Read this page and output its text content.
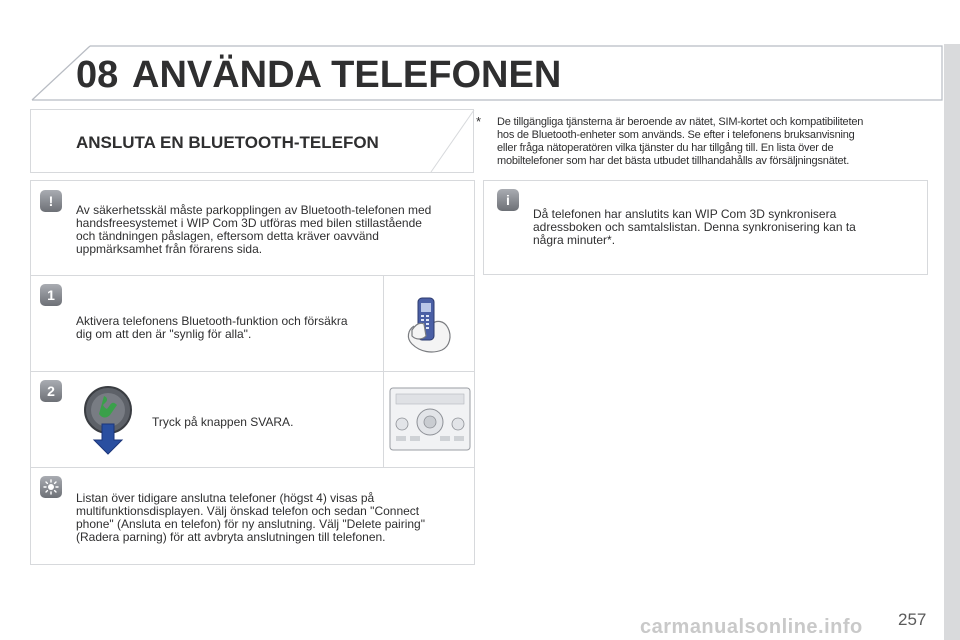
08 ANVÄNDA TELEFONEN
ANSLUTA EN BLUETOOTH-TELEFON
* De tillgängliga tjänsterna är beroende av nätet, SIM-kortet och kompatibiliteten
hos de Bluetooth-enheter som används. Se efter i telefonens bruksanvisning
eller fråga nätoperatören vilka tjänster du har tillgång till. En lista över de
mobiltelefoner som har det bästa utbudet tillhandahålls av försäljningsnätet.
i
Då telefonen har anslutits kan WIP Com 3D synkronisera
adressboken och samtalslistan. Denna synkronisering kan ta
några minuter*.
!
Av säkerhetsskäl måste parkopplingen av Bluetooth-telefonen med
handsfreesystemet i WIP Com 3D utföras med bilen stillastående
och tändningen påslagen, eftersom detta kräver oavvänd
uppmärksamhet från förarens sida.
1
Aktivera telefonens Bluetooth-funktion och försäkra
dig om att den är "synlig för alla".
2
Tryck på knappen SVARA.
Listan över tidigare anslutna telefoner (högst 4) visas på
multifunktionsdisplayen. Välj önskad telefon och sedan "Connect
phone" (Ansluta en telefon) för ny anslutning. Välj "Delete pairing"
(Radera parning) för att avbryta anslutningen till telefonen.
carmanualsonline.info 257
